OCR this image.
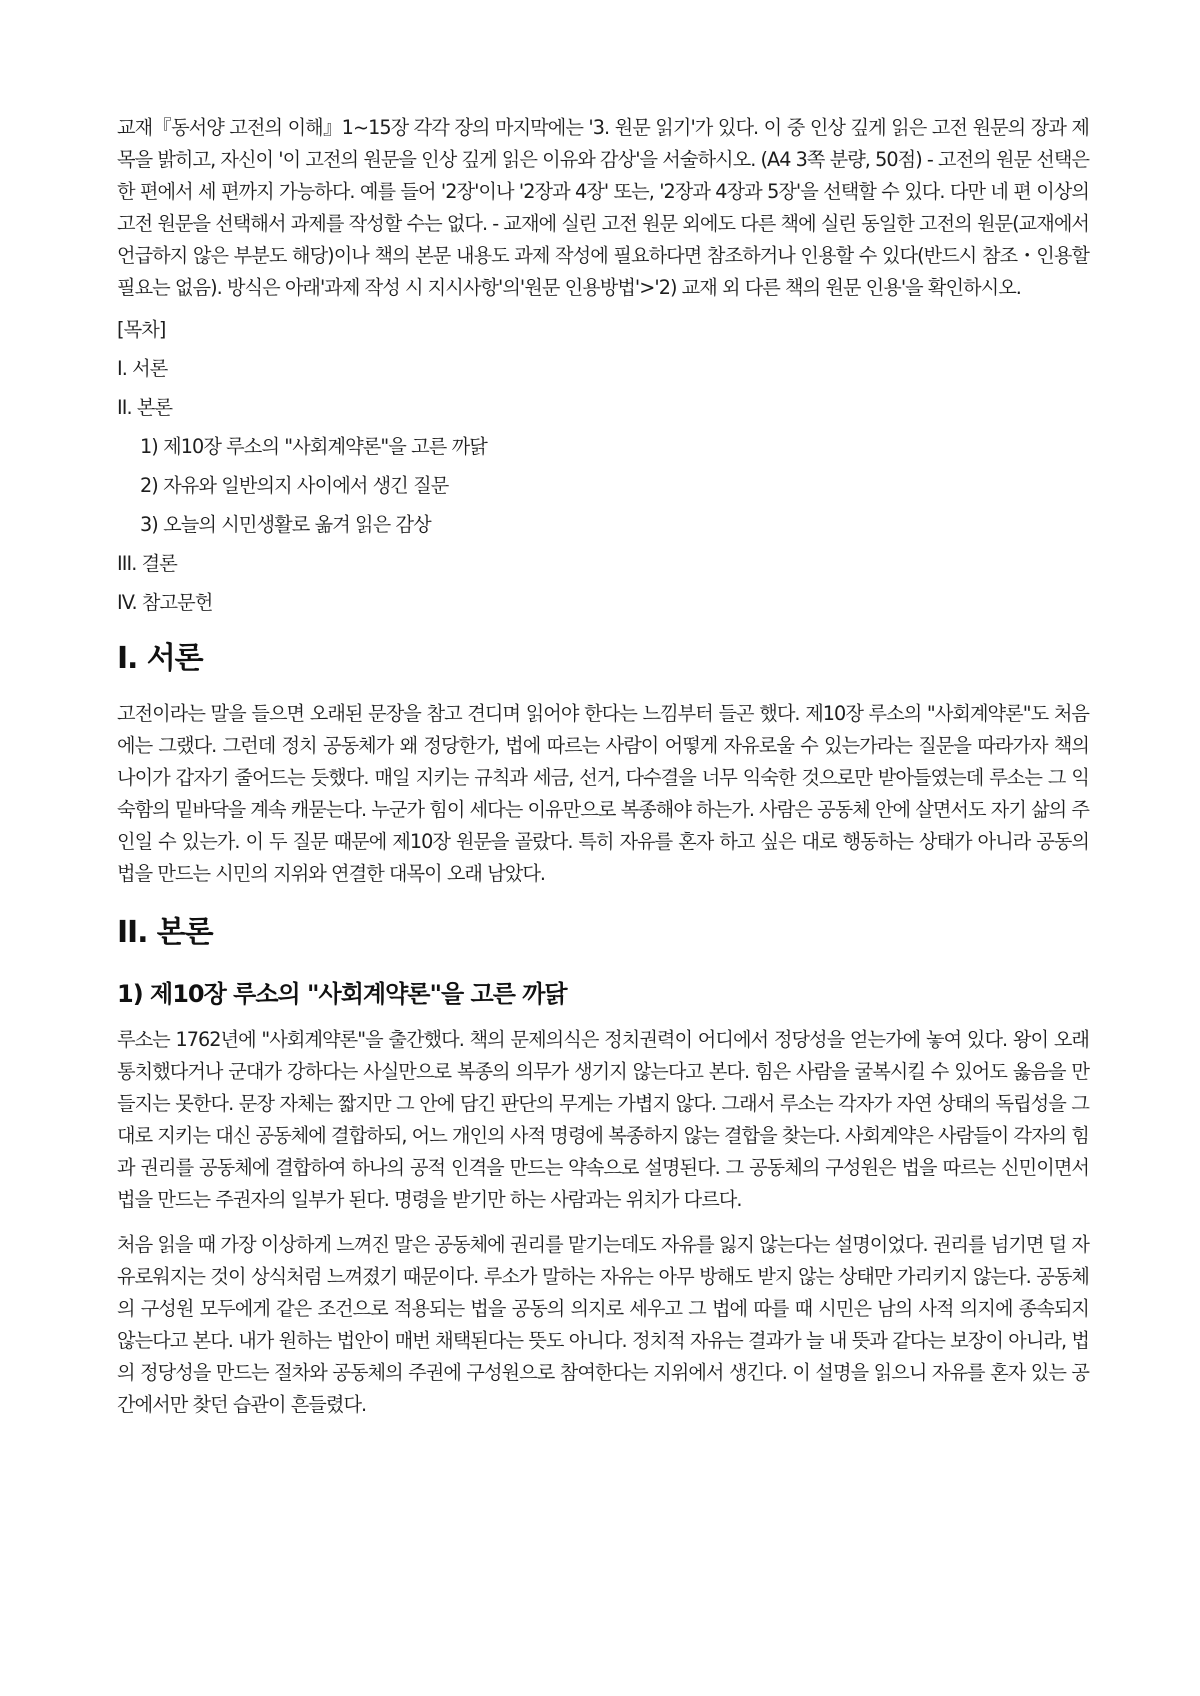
교재『동서양 고전의 이해』1~15장 각각 장의 마지막에는 '3. 원문 읽기'가 있다. 이 중 인상 깊게 읽은 고전 원문의 장과 제목을 밝히고, 자신이 '이 고전의 원문을 인상 깊게 읽은 이유와 감상'을 서술하시오. (A4 3쪽 분량, 50점) - 고전의 원문 선택은 한 편에서 세 편까지 가능하다. 예를 들어 '2장'이나 '2장과 4장' 또는, '2장과 4장과 5장'을 선택할 수 있다. 다만 네 편 이상의 고전 원문을 선택해서 과제를 작성할 수는 없다. - 교재에 실린 고전 원문 외에도 다른 책에 실린 동일한 고전의 원문(교재에서 언급하지 않은 부분도 해당)이나 책의 본문 내용도 과제 작성에 필요하다면 참조하거나 인용할 수 있다(반드시 참조・인용할 필요는 없음). 방식은 아래'과제 작성 시 지시사항'의'원문 인용방법'>'2) 교재 외 다른 책의 원문 인용'을 확인하시오.

[목차]
I. 서론
II. 본론
1) 제10장 루소의 "사회계약론"을 고른 까닭
2) 자유와 일반의지 사이에서 생긴 질문
3) 오늘의 시민생활로 옮겨 읽은 감상
III. 결론
IV. 참고문헌
I. 서론

고전이라는 말을 들으면 오래된 문장을 참고 견디며 읽어야 한다는 느낌부터 들곤 했다. 제10장 루소의 "사회계약론"도 처음에는 그랬다. 그런데 정치 공동체가 왜 정당한가, 법에 따르는 사람이 어떻게 자유로울 수 있는가라는 질문을 따라가자 책의 나이가 갑자기 줄어드는 듯했다. 매일 지키는 규칙과 세금, 선거, 다수결을 너무 익숙한 것으로만 받아들였는데 루소는 그 익숙함의 밑바닥을 계속 캐묻는다. 누군가 힘이 세다는 이유만으로 복종해야 하는가. 사람은 공동체 안에 살면서도 자기 삶의 주인일 수 있는가. 이 두 질문 때문에 제10장 원문을 골랐다. 특히 자유를 혼자 하고 싶은 대로 행동하는 상태가 아니라 공동의 법을 만드는 시민의 지위와 연결한 대목이 오래 남았다.

II. 본론
1) 제10장 루소의 "사회계약론"을 고른 까닭

루소는 1762년에 "사회계약론"을 출간했다. 책의 문제의식은 정치권력이 어디에서 정당성을 얻는가에 놓여 있다. 왕이 오래 통치했다거나 군대가 강하다는 사실만으로 복종의 의무가 생기지 않는다고 본다. 힘은 사람을 굴복시킬 수 있어도 옳음을 만들지는 못한다. 문장 자체는 짧지만 그 안에 담긴 판단의 무게는 가볍지 않다. 그래서 루소는 각자가 자연 상태의 독립성을 그대로 지키는 대신 공동체에 결합하되, 어느 개인의 사적 명령에 복종하지 않는 결합을 찾는다. 사회계약은 사람들이 각자의 힘과 권리를 공동체에 결합하여 하나의 공적 인격을 만드는 약속으로 설명된다. 그 공동체의 구성원은 법을 따르는 신민이면서 법을 만드는 주권자의 일부가 된다. 명령을 받기만 하는 사람과는 위치가 다르다.

처음 읽을 때 가장 이상하게 느껴진 말은 공동체에 권리를 맡기는데도 자유를 잃지 않는다는 설명이었다. 권리를 넘기면 덜 자유로워지는 것이 상식처럼 느껴졌기 때문이다. 루소가 말하는 자유는 아무 방해도 받지 않는 상태만 가리키지 않는다. 공동체의 구성원 모두에게 같은 조건으로 적용되는 법을 공동의 의지로 세우고 그 법에 따를 때 시민은 남의 사적 의지에 종속되지 않는다고 본다. 내가 원하는 법안이 매번 채택된다는 뜻도 아니다. 정치적 자유는 결과가 늘 내 뜻과 같다는 보장이 아니라, 법의 정당성을 만드는 절차와 공동체의 주권에 구성원으로 참여한다는 지위에서 생긴다. 이 설명을 읽으니 자유를 혼자 있는 공간에서만 찾던 습관이 흔들렸다.
